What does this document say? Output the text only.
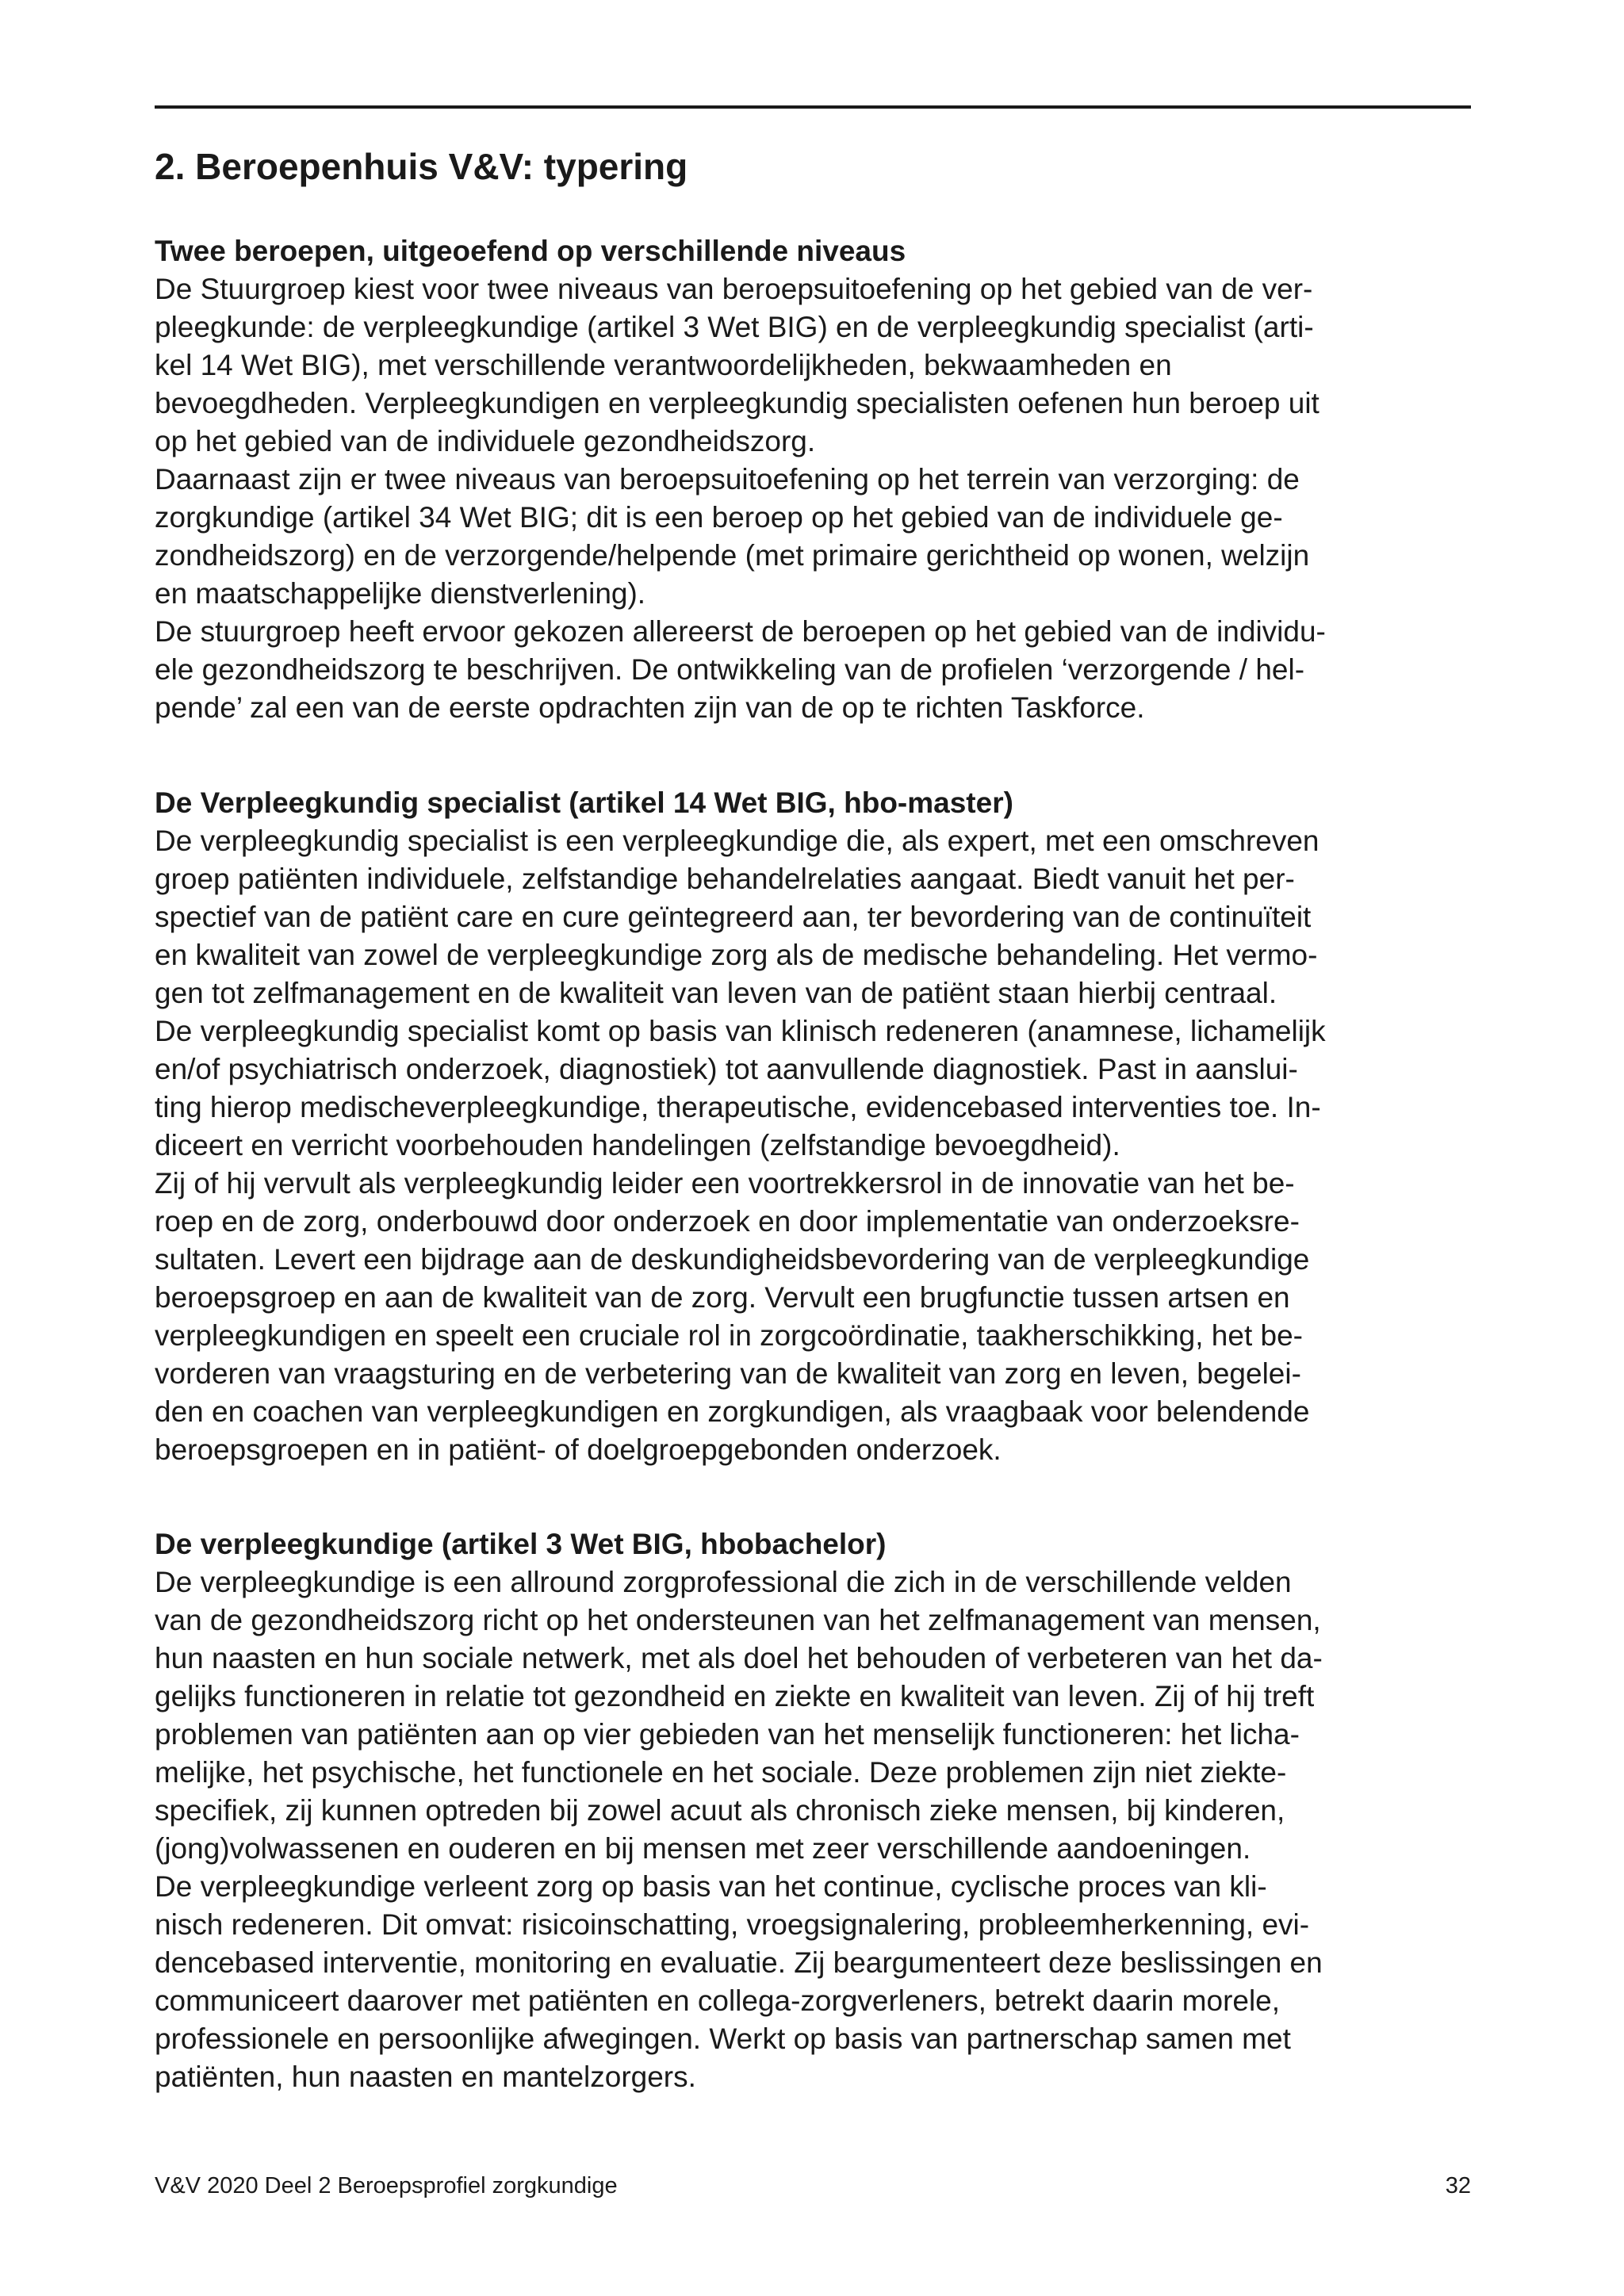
2. Beroepenhuis V&V: typering
Twee beroepen, uitgeoefend op verschillende niveaus
De Stuurgroep kiest voor twee niveaus van beroepsuitoefening op het gebied van de ver-
pleegkunde: de verpleegkundige (artikel 3 Wet BIG) en de verpleegkundig specialist (arti-
kel 14 Wet BIG), met verschillende verantwoordelijkheden, bekwaamheden en
bevoegdheden. Verpleegkundigen en verpleegkundig specialisten oefenen hun beroep uit
op het gebied van de individuele gezondheidszorg.
Daarnaast zijn er twee niveaus van beroepsuitoefening op het terrein van verzorging: de
zorgkundige (artikel 34 Wet BIG; dit is een beroep op het gebied van de individuele ge-
zondheidszorg) en de verzorgende/helpende (met primaire gerichtheid op wonen, welzijn
en maatschappelijke dienstverlening).
De stuurgroep heeft ervoor gekozen allereerst de beroepen op het gebied van de individu-
ele gezondheidszorg te beschrijven. De ontwikkeling van de profielen ‘verzorgende / hel-
pende’ zal een van de eerste opdrachten zijn van de op te richten Taskforce.
De Verpleegkundig specialist (artikel 14 Wet BIG, hbo-master)
De verpleegkundig specialist is een verpleegkundige die, als expert, met een omschreven
groep patiënten individuele, zelfstandige behandelrelaties aangaat. Biedt vanuit het per-
spectief van de patiënt care en cure geïntegreerd aan, ter bevordering van de continuïteit
en kwaliteit van zowel de verpleegkundige zorg als de medische behandeling. Het vermo-
gen tot zelfmanagement en de kwaliteit van leven van de patiënt staan hierbij centraal.
De verpleegkundig specialist komt op basis van klinisch redeneren (anamnese, lichamelijk
en/of psychiatrisch onderzoek, diagnostiek) tot aanvullende diagnostiek. Past in aanslui-
ting hierop medischeverpleegkundige, therapeutische, evidencebased interventies toe. In-
diceert en verricht voorbehouden handelingen (zelfstandige bevoegdheid).
Zij of hij vervult als verpleegkundig leider een voortrekkersrol in de innovatie van het be-
roep en de zorg, onderbouwd door onderzoek en door implementatie van onderzoeksre-
sultaten. Levert een bijdrage aan de deskundigheidsbevordering van de verpleegkundige
beroepsgroep en aan de kwaliteit van de zorg. Vervult een brugfunctie tussen artsen en
verpleegkundigen en speelt een cruciale rol in zorgcoördinatie, taakherschikking, het be-
vorderen van vraagsturing en de verbetering van de kwaliteit van zorg en leven, begelei-
den en coachen van verpleegkundigen en zorgkundigen, als vraagbaak voor belendende
beroepsgroepen en in patiënt- of doelgroepgebonden onderzoek.
De verpleegkundige (artikel 3 Wet BIG, hbobachelor)
De verpleegkundige is een allround zorgprofessional die zich in de verschillende velden
van de gezondheidszorg richt op het ondersteunen van het zelfmanagement van mensen,
hun naasten en hun sociale netwerk, met als doel het behouden of verbeteren van het da-
gelijks functioneren in relatie tot gezondheid en ziekte en kwaliteit van leven. Zij of hij treft
problemen van patiënten aan op vier gebieden van het menselijk functioneren: het licha-
melijke, het psychische, het functionele en het sociale. Deze problemen zijn niet ziekte-
specifiek, zij kunnen optreden bij zowel acuut als chronisch zieke mensen, bij kinderen,
(jong)volwassenen en ouderen en bij mensen met zeer verschillende aandoeningen.
De verpleegkundige verleent zorg op basis van het continue, cyclische proces van kli-
nisch redeneren. Dit omvat: risicoinschatting, vroegsignalering, probleemherkenning, evi-
dencebased interventie, monitoring en evaluatie. Zij beargumenteert deze beslissingen en
communiceert daarover met patiënten en collega-zorgverleners, betrekt daarin morele,
professionele en persoonlijke afwegingen. Werkt op basis van partnerschap samen met
patiënten, hun naasten en mantelzorgers.
V&V 2020 Deel 2 Beroepsprofiel zorgkundige	32
